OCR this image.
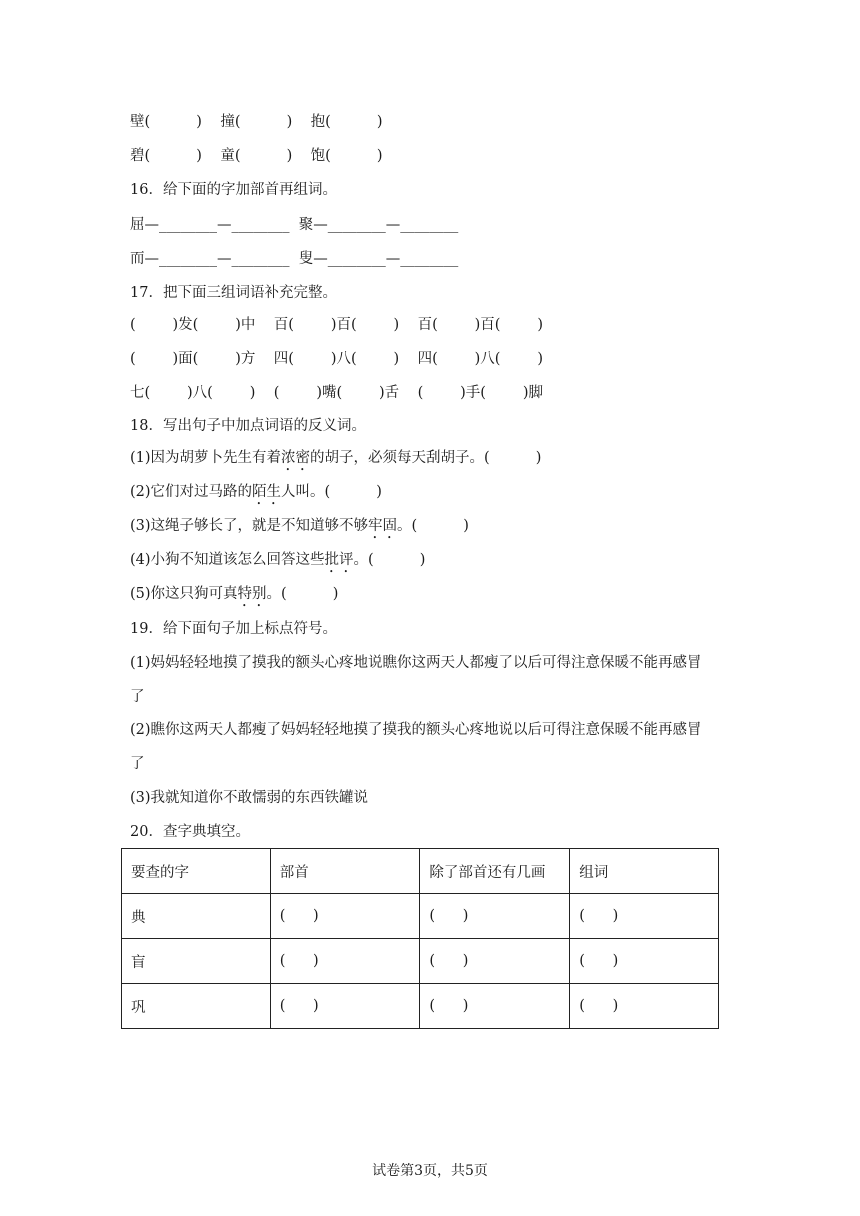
壁(          )    撞(          )    抱(          )
碧(          )    童(          )    饱(          )
16．给下面的字加部首再组词。
屈—________—________  聚—________—________
而—________—________  叟—________—________
17．把下面三组词语补充完整。
(        )发(        )中    百(        )百(        )    百(        )百(        )
(        )面(        )方    四(        )八(        )    四(        )八(        )
七(        )八(        )    (        )嘴(        )舌    (        )手(        )脚
18．写出句子中加点词语的反义词。
(1)因为胡萝卜先生有着浓密的胡子，必须每天刮胡子。(          )
(2)它们对过马路的陌生人叫。(          )
(3)这绳子够长了，就是不知道够不够牢固。(          )
(4)小狗不知道该怎么回答这些批评。(          )
(5)你这只狗可真特别。(          )
19．给下面句子加上标点符号。
(1)妈妈轻轻地摸了摸我的额头心疼地说瞧你这两天人都瘦了以后可得注意保暖不能再感冒
了
(2)瞧你这两天人都瘦了妈妈轻轻地摸了摸我的额头心疼地说以后可得注意保暖不能再感冒
了
(3)我就知道你不敢懦弱的东西铁罐说
20．查字典填空。
要查的字	部首	除了部首还有几画	组词
典	(      )	(      )	(      )
盲	(      )	(      )	(      )
巩	(      )	(      )	(      )
试卷第3页，共5页
